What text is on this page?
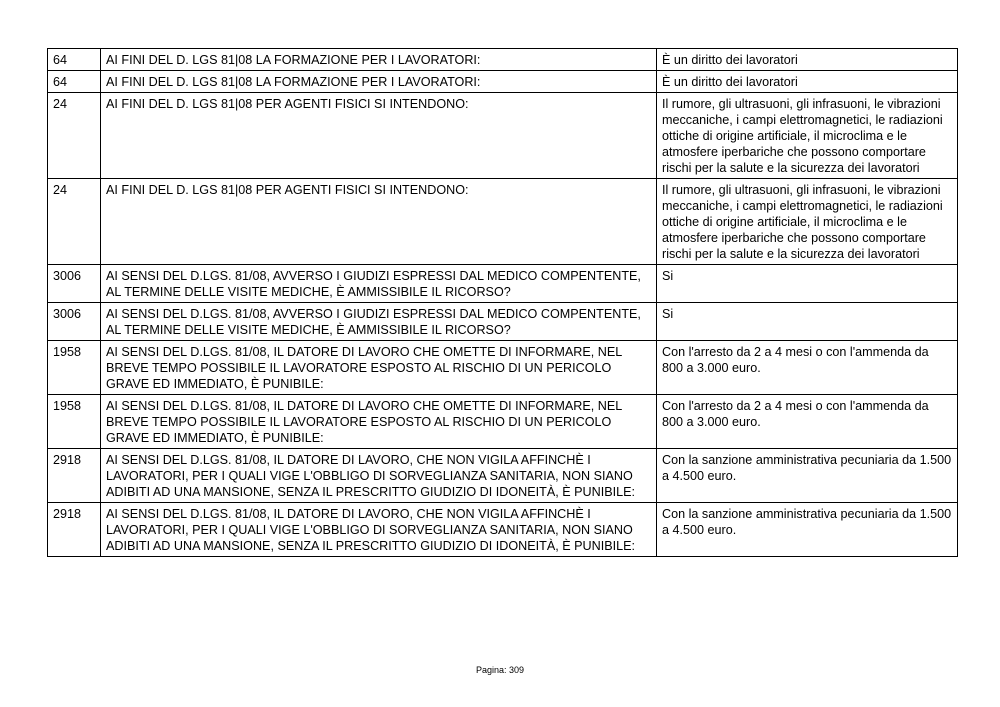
64	AI FINI DEL D. LGS 81|08 LA FORMAZIONE PER I LAVORATORI:	È un diritto dei lavoratori
64	AI FINI DEL D. LGS 81|08 LA FORMAZIONE PER I LAVORATORI:	È un diritto dei lavoratori
24	AI FINI DEL D. LGS 81|08 PER AGENTI FISICI SI INTENDONO:	Il rumore, gli ultrasuoni, gli infrasuoni, le vibrazioni meccaniche, i campi elettromagnetici, le radiazioni ottiche di origine artificiale, il microclima e le atmosfere iperbariche che possono comportare rischi per la salute e la sicurezza dei lavoratori
24	AI FINI DEL D. LGS 81|08 PER AGENTI FISICI SI INTENDONO:	Il rumore, gli ultrasuoni, gli infrasuoni, le vibrazioni meccaniche, i campi elettromagnetici, le radiazioni ottiche di origine artificiale, il microclima e le atmosfere iperbariche che possono comportare rischi per la salute e la sicurezza dei lavoratori
3006	AI SENSI DEL D.LGS. 81/08, AVVERSO I GIUDIZI ESPRESSI DAL MEDICO COMPENTENTE, AL TERMINE DELLE VISITE MEDICHE, È AMMISSIBILE IL RICORSO?	Si
3006	AI SENSI DEL D.LGS. 81/08, AVVERSO I GIUDIZI ESPRESSI DAL MEDICO COMPENTENTE, AL TERMINE DELLE VISITE MEDICHE, È AMMISSIBILE IL RICORSO?	Si
1958	AI SENSI DEL D.LGS. 81/08, IL DATORE DI LAVORO CHE OMETTE DI INFORMARE, NEL BREVE TEMPO POSSIBILE IL LAVORATORE ESPOSTO AL RISCHIO DI UN PERICOLO GRAVE ED IMMEDIATO, È PUNIBILE:	Con l'arresto da 2 a 4 mesi o con l'ammenda da 800 a 3.000 euro.
1958	AI SENSI DEL D.LGS. 81/08, IL DATORE DI LAVORO CHE OMETTE DI INFORMARE, NEL BREVE TEMPO POSSIBILE IL LAVORATORE ESPOSTO AL RISCHIO DI UN PERICOLO GRAVE ED IMMEDIATO, È PUNIBILE:	Con l'arresto da 2 a 4 mesi o con l'ammenda da 800 a 3.000 euro.
2918	AI SENSI DEL D.LGS. 81/08, IL DATORE DI LAVORO, CHE NON VIGILA AFFINCHÈ I LAVORATORI, PER I QUALI VIGE L'OBBLIGO DI SORVEGLIANZA SANITARIA, NON SIANO ADIBITI AD UNA MANSIONE, SENZA IL PRESCRITTO GIUDIZIO DI IDONEITÀ, È PUNIBILE:	Con la sanzione amministrativa pecuniaria da 1.500 a 4.500 euro.
2918	AI SENSI DEL D.LGS. 81/08, IL DATORE DI LAVORO, CHE NON VIGILA AFFINCHÈ I LAVORATORI, PER I QUALI VIGE L'OBBLIGO DI SORVEGLIANZA SANITARIA, NON SIANO ADIBITI AD UNA MANSIONE, SENZA IL PRESCRITTO GIUDIZIO DI IDONEITÀ, È PUNIBILE:	Con la sanzione amministrativa pecuniaria da 1.500 a 4.500 euro.
Pagina: 309
